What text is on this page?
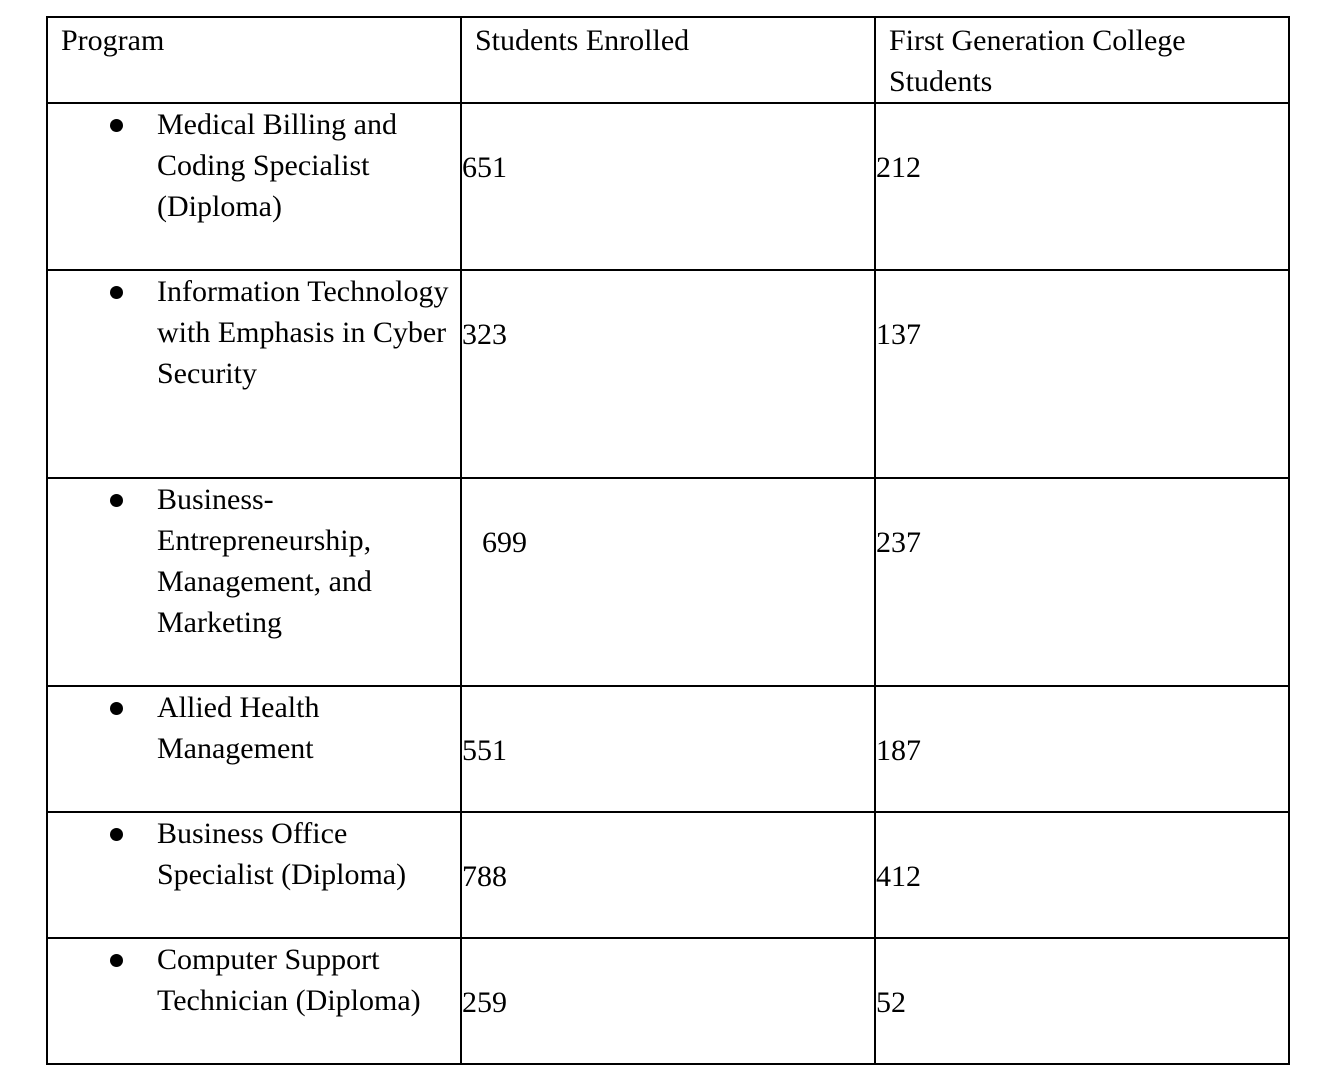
Program	Students Enrolled	First Generation College Students

Medical Billing and Coding Specialist (Diploma)	651	212

Information Technology with Emphasis in Cyber Security	323	137

Business-Entrepreneurship, Management, and Marketing	699	237

Allied Health Management	551	187

Business Office Specialist (Diploma)	788	412

Computer Support Technician (Diploma)	259	52
